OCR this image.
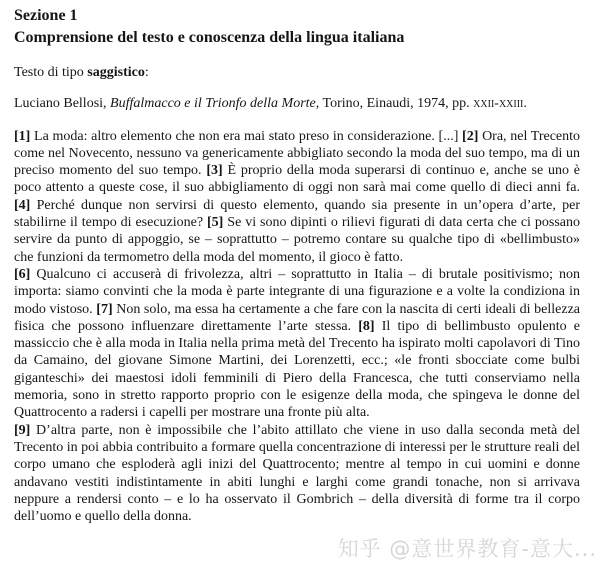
Sezione 1
Comprensione del testo e conoscenza della lingua italiana

Testo di tipo saggistico:

Luciano Bellosi, Buffalmacco e il Trionfo della Morte, Torino, Einaudi, 1974, pp. xxii-xxiii.

[1] La moda: altro elemento che non era mai stato preso in considerazione. [...] [2] Ora, nel Trecento come nel Novecento, nessuno va genericamente abbigliato secondo la moda del suo tempo, ma di un preciso momento del suo tempo. [3] È proprio della moda superarsi di continuo e, anche se uno è poco attento a queste cose, il suo abbigliamento di oggi non sarà mai come quello di dieci anni fa. [4] Perché dunque non servirsi di questo elemento, quando sia presente in un’opera d’arte, per stabilirne il tempo di esecuzione? [5] Se vi sono dipinti o rilievi figurati di data certa che ci possano servire da punto di appoggio, se – soprattutto – potremo contare su qualche tipo di «bellimbusto» che funzioni da termometro della moda del momento, il gioco è fatto.

[6] Qualcuno ci accuserà di frivolezza, altri – soprattutto in Italia – di brutale positivismo; non importa: siamo convinti che la moda è parte integrante di una figurazione e a volte la condiziona in modo vistoso. [7] Non solo, ma essa ha certamente a che fare con la nascita di certi ideali di bellezza fisica che possono influenzare direttamente l’arte stessa. [8] Il tipo di bellimbusto opulento e massiccio che è alla moda in Italia nella prima metà del Trecento ha ispirato molti capolavori di Tino da Camaino, del giovane Simone Martini, dei Lorenzetti, ecc.; «le fronti sbocciate come bulbi giganteschi» dei maestosi idoli femminili di Piero della Francesca, che tutti conserviamo nella memoria, sono in stretto rapporto proprio con le esigenze della moda, che spingeva le donne del Quattrocento a radersi i capelli per mostrare una fronte più alta.

[9] D’altra parte, non è impossibile che l’abito attillato che viene in uso dalla seconda metà del Trecento in poi abbia contribuito a formare quella concentrazione di interessi per le strutture reali del corpo umano che esploderà agli inizi del Quattrocento; mentre al tempo in cui uomini e donne andavano vestiti indistintamente in abiti lunghi e larghi come grandi tonache, non si arrivava neppure a rendersi conto – e lo ha osservato il Gombrich – della diversità di forme tra il corpo dell’uomo e quello della donna.

知乎 @意世界教育-意大...
